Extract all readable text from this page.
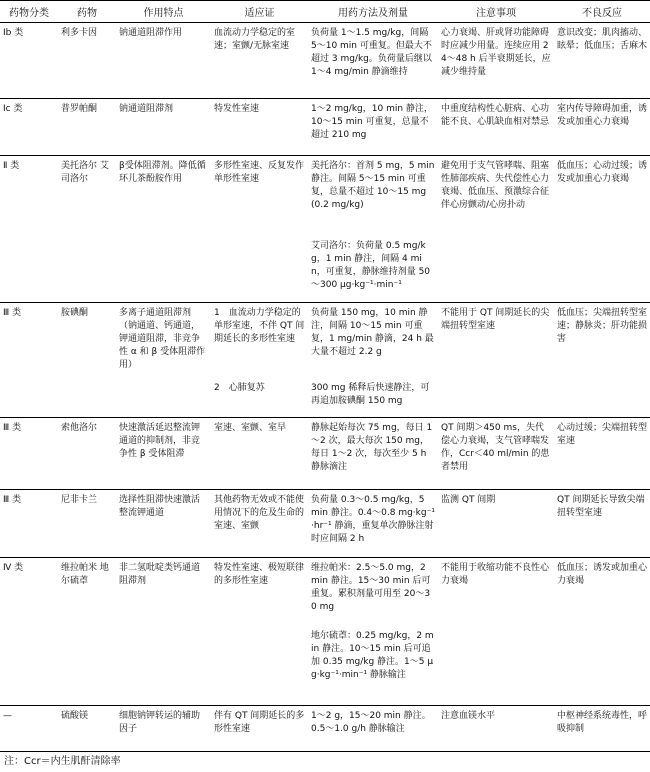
药物分类	药物	作用特点	适应证	用药方法及剂量	注意事项	不良反应
Ⅰb 类	利多卡因	钠通道阻滞作用	血流动力学稳定的室速；室颤/无脉室速	负荷量 1～1.5 mg/kg，间隔 5～10 min 可重复。但最大不超过 3 mg/kg。负荷量后继以 1～4 mg/min 静滴维持	心力衰竭、肝或肾功能障碍时应减少用量。连续应用 24～48 h 后半衰期延长，应减少维持量	意识改变；肌肉搐动、眩晕；低血压；舌麻木
Ic 类	普罗帕酮	钠通道阻滞剂	特发性室速	1～2 mg/kg，10 min 静注，10～15 min 可重复，总量不超过 210 mg	中重度结构性心脏病、心功能不良、心肌缺血相对禁忌	室内传导障碍加重，诱发或加重心力衰竭
Ⅱ 类	美托洛尔 艾司洛尔	β受体阻滞剂。降低循环儿茶酚胺作用	多形性室速、反复发作单形性室速	美托洛尔：首剂 5 mg，5 min 静注。间隔 5～15 min 可重复，总量不超过 10～15 mg(0.2 mg/kg)	避免用于支气管哮喘、阻塞性肺部疾病、失代偿性心力衰竭、低血压、预激综合征伴心房颤动/心房扑动	低血压；心动过缓；诱发或加重心力衰竭
				艾司洛尔：负荷量 0.5 mg/kg，1 min 静注，间隔 4 min，可重复，静脉维持剂量 50～300 μg·kg⁻¹·min⁻¹		
Ⅲ 类	胺碘酮	多离子通道阻滞剂（钠通道、钙通道，钾通道阻滞，非竞争性 α 和 β 受体阻滞作用）	1　血流动力学稳定的单形室速，不伴 QT 间期延长的多形性室速	负荷量 150 mg，10 min 静注，间隔 10～15 min 可重复，1 mg/min 静滴，24 h 最大量不超过 2.2 g	不能用于 QT 间期延长的尖端扭转型室速	低血压；尖端扭转型室速；静脉炎；肝功能损害
			2　心肺复苏	300 mg 稀释后快速静注，可再追加胺碘酮 150 mg		
Ⅲ 类	索他洛尔	快速激活延迟整流钾通道的抑制剂，非竞争性 β 受体阻滞	室速、室颤、室早	静脉起始每次 75 mg，每日 1～2 次，最大每次 150 mg，每日 1～2 次，每次至少 5 h 静脉滴注	QT 间期＞450 ms，失代偿心力衰竭，支气管哮喘发作，Ccr＜40 ml/min 的患者禁用	心动过缓；尖端扭转型室速
Ⅲ 类	尼非卡兰	选择性阻滞快速激活整流钾通道	其他药物无效或不能使用情况下的危及生命的室速、室颤	负荷量 0.3～0.5 mg/kg，5 min 静注。0.4～0.8 mg·kg⁻¹·hr⁻¹ 静滴，重复单次静脉注射时应间隔 2 h	监测 QT 间期	QT 间期延长导致尖端扭转型室速
Ⅳ 类	维拉帕米 地尔硫䓬	非二氢吡啶类钙通道阻滞剂	特发性室速、极短联律的多形性室速	维拉帕米：2.5～5.0 mg，2 min 静注。15～30 min 后可重复。累积剂量可用至 20～30 mg	不能用于收缩功能不良性心力衰竭	低血压；诱发或加重心力衰竭
				地尔硫䓬：0.25 mg/kg，2 min 静注。10～15 min 后可追加 0.35 mg/kg 静注。1～5 μg·kg⁻¹·min⁻¹ 静脉输注		
—	硫酸镁	细胞钠钾转运的辅助因子	伴有 QT 间期延长的多形性室速	1～2 g，15～20 min 静注。0.5～1.0 g/h 静脉输注	注意血镁水平	中枢神经系统毒性，呼吸抑制
注：Ccr＝内生肌酐清除率
